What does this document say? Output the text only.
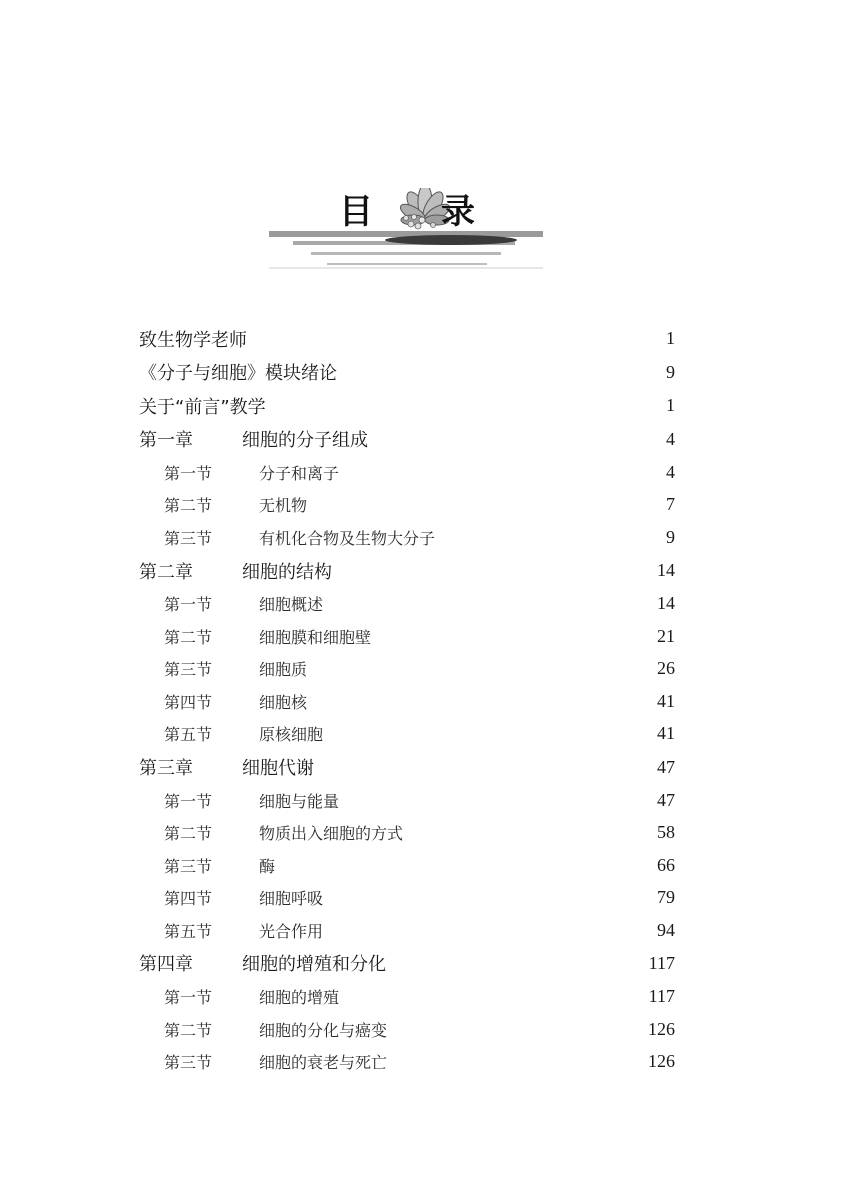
目 录
致生物学老师	1
《分子与细胞》模块绪论	9
关于“前言”教学	1
第一章	细胞的分子组成	4
第一节	分子和离子	4
第二节	无机物	7
第三节	有机化合物及生物大分子	9
第二章	细胞的结构	14
第一节	细胞概述	14
第二节	细胞膜和细胞壁	21
第三节	细胞质	26
第四节	细胞核	41
第五节	原核细胞	41
第三章	细胞代谢	47
第一节	细胞与能量	47
第二节	物质出入细胞的方式	58
第三节	酶	66
第四节	细胞呼吸	79
第五节	光合作用	94
第四章	细胞的增殖和分化	117
第一节	细胞的增殖	117
第二节	细胞的分化与癌变	126
第三节	细胞的衰老与死亡	126
